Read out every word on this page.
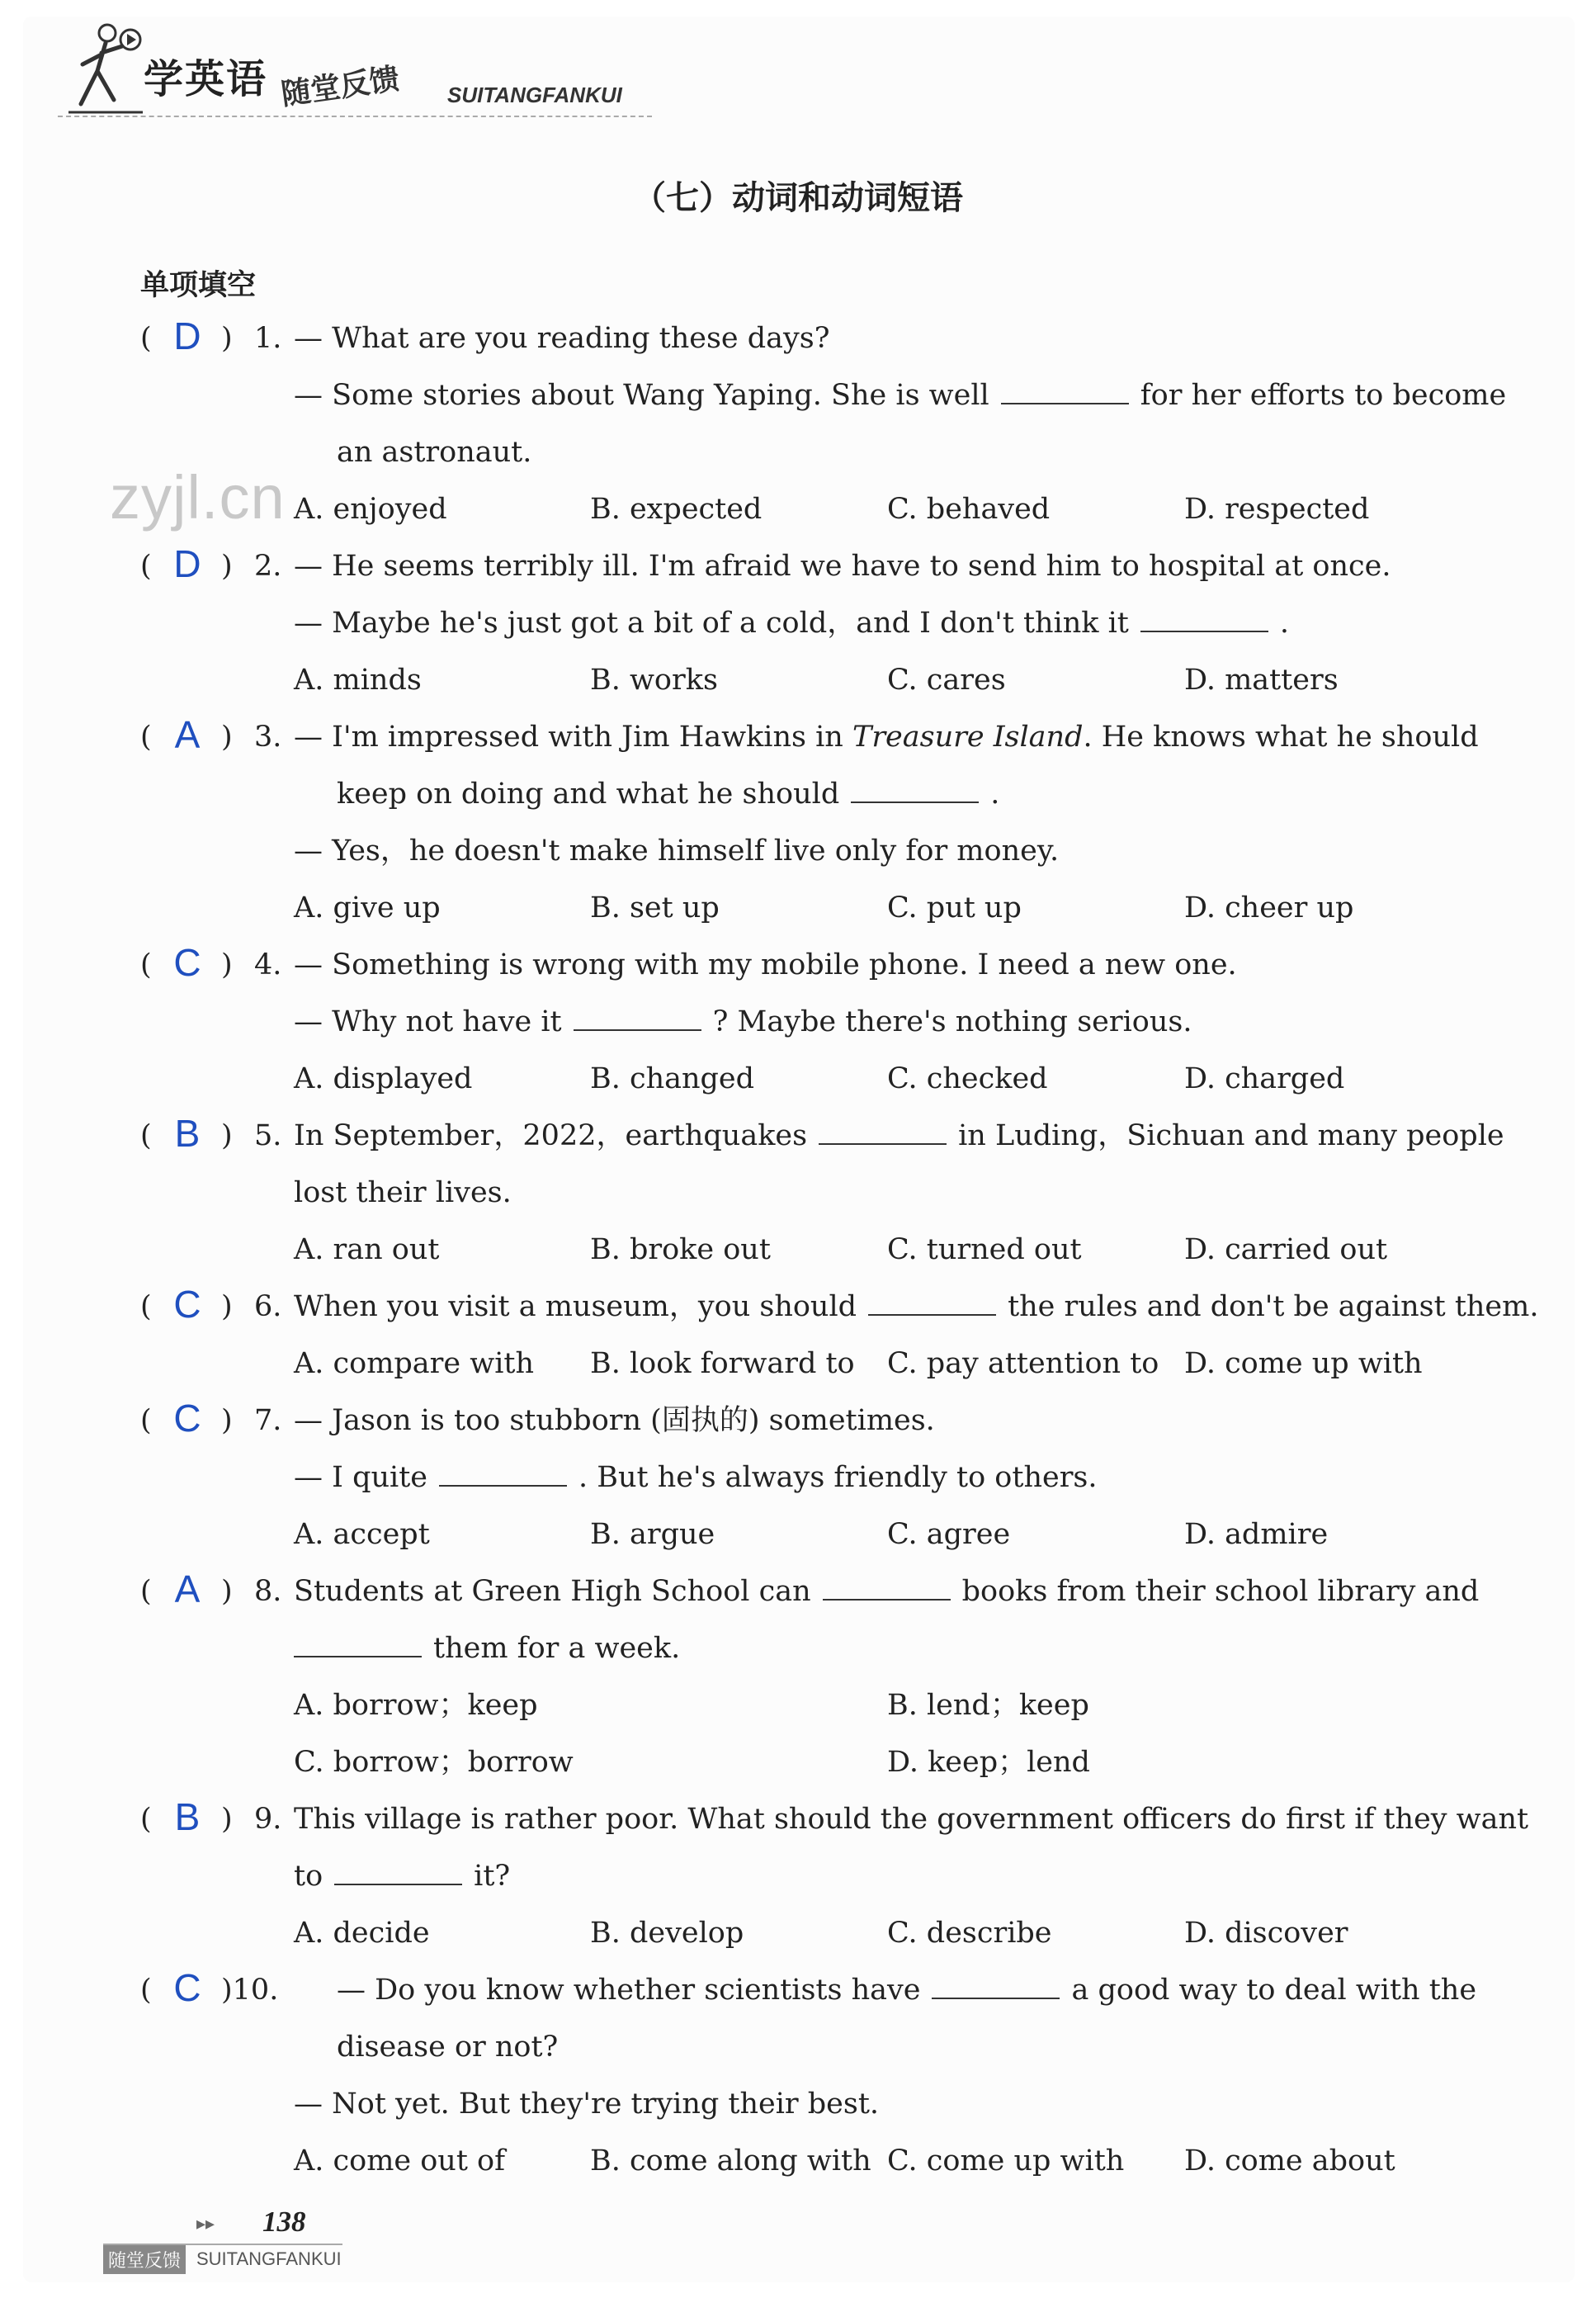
学英语 随堂反馈 SUITANGFANKUI
（七）动词和动词短语
单项填空
zyjl.cn
( D ) 1. — What are you reading these days?
— Some stories about Wang Yaping. She is well	for her efforts to become
an astronaut.
A. enjoyed	B. expected	C. behaved	D. respected
( D ) 2. — He seems terribly ill. I'm afraid we have to send him to hospital at once.
— Maybe he's just got a bit of a cold，and I don't think it	.
A. minds	B. works	C. cares	D. matters
( A ) 3. — I'm impressed with Jim Hawkins in Treasure Island. He knows what he should
keep on doing and what he should	.
— Yes，he doesn't make himself live only for money.
A. give up	B. set up	C. put up	D. cheer up
( C ) 4. — Something is wrong with my mobile phone. I need a new one.
— Why not have it	? Maybe there's nothing serious.
A. displayed	B. changed	C. checked	D. charged
( B ) 5. In September，2022，earthquakes	in Luding，Sichuan and many people
lost their lives.
A. ran out	B. broke out	C. turned out	D. carried out
( C ) 6. When you visit a museum，you should	the rules and don't be against them.
A. compare with B. look forward to C. pay attention to D. come up with
( C ) 7. — Jason is too stubborn (固执的) sometimes.
— I quite	. But he's always friendly to others.
A. accept	B. argue	C. agree	D. admire
( A ) 8. Students at Green High School can	books from their school library and
them for a week.
A. borrow；keep	B. lend；keep
C. borrow；borrow	D. keep；lend
( B ) 9. This village is rather poor. What should the government officers do first if they want
to	it?
A. decide	B. develop	C. describe	D. discover
( C )10. — Do you know whether scientists have	a good way to deal with the
disease or not?
— Not yet. But they're trying their best.
A. come out of	B. come along with C. come up with D. come about
▸▸ 138
随堂反馈 SUITANGFANKUI
